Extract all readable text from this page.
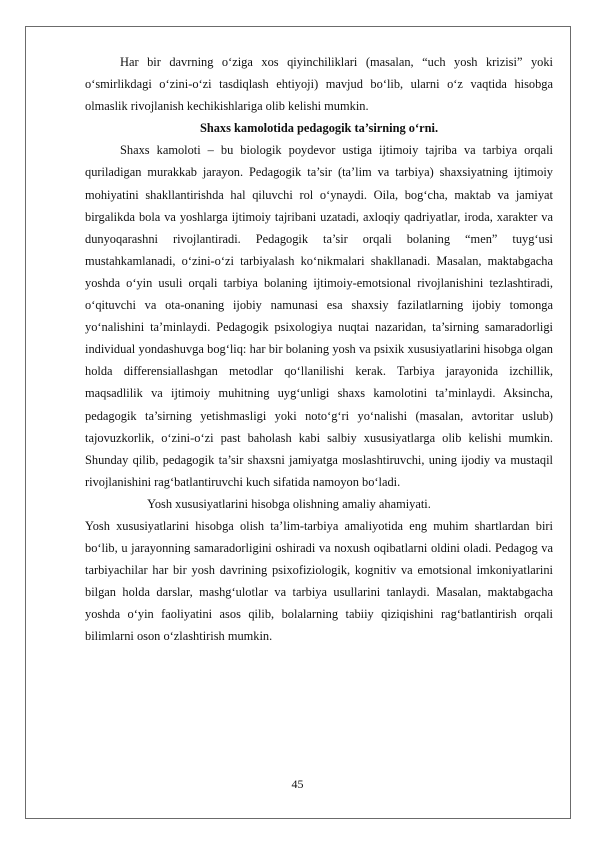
Har bir davrning o‘ziga xos qiyinchiliklari (masalan, “uch yosh krizisi” yoki o‘smirlikdagi o‘zini-o‘zi tasdiqlash ehtiyoji) mavjud bo‘lib, ularni o‘z vaqtida hisobga olmaslik rivojlanish kechikishlariga olib kelishi mumkin.

Shaxs kamolotida pedagogik ta’sirning o‘rni.

Shaxs kamoloti – bu biologik poydevor ustiga ijtimoiy tajriba va tarbiya orqali quriladigan murakkab jarayon. Pedagogik ta’sir (ta’lim va tarbiya) shaxsiyatning ijtimoiy mohiyatini shakllantirishda hal qiluvchi rol o‘ynaydi. Oila, bog‘cha, maktab va jamiyat birgalikda bola va yoshlarga ijtimoiy tajribani uzatadi, axloqiy qadriyatlar, iroda, xarakter va dunyoqarashni rivojlantiradi. Pedagogik ta’sir orqali bolaning “men” tuyg‘usi mustahkamlanadi, o‘zini-o‘zi tarbiyalash ko‘nikmalari shakllanadi. Masalan, maktabgacha yoshda o‘yin usuli orqali tarbiya bolaning ijtimoiy-emotsional rivojlanishini tezlashtiradi, o‘qituvchi va ota-onaning ijobiy namunasi esa shaxsiy fazilatlarning ijobiy tomonga yo‘nalishini ta’minlaydi. Pedagogik psixologiya nuqtai nazaridan, ta’sirning samaradorligi individual yondashuvga bog‘liq: har bir bolaning yosh va psixik xususiyatlarini hisobga olgan holda differensiallashgan metodlar qo‘llanilishi kerak. Tarbiya jarayonida izchillik, maqsadlilik va ijtimoiy muhitning uyg‘unligi shaxs kamolotini ta’minlaydi. Aksincha, pedagogik ta’sirning yetishmasligi yoki noto‘g‘ri yo‘nalishi (masalan, avtoritar uslub) tajovuzkorlik, o‘zini-o‘zi past baholash kabi salbiy xususiyatlarga olib kelishi mumkin. Shunday qilib, pedagogik ta’sir shaxsni jamiyatga moslashtiruvchi, uning ijodiy va mustaqil rivojlanishini rag‘batlantiruvchi kuch sifatida namoyon bo‘ladi.

Yosh xususiyatlarini hisobga olishning amaliy ahamiyati.

Yosh xususiyatlarini hisobga olish ta’lim-tarbiya amaliyotida eng muhim shartlardan biri bo‘lib, u jarayonning samaradorligini oshiradi va noxush oqibatlarni oldini oladi. Pedagog va tarbiyachilar har bir yosh davrining psixofiziologik, kognitiv va emotsional imkoniyatlarini bilgan holda darslar, mashg‘ulotlar va tarbiya usullarini tanlaydi. Masalan, maktabgacha yoshda o‘yin faoliyatini asos qilib, bolalarning tabiiy qiziqishini rag‘batlantirish orqali bilimlarni oson o‘zlashtirish mumkin.

45
